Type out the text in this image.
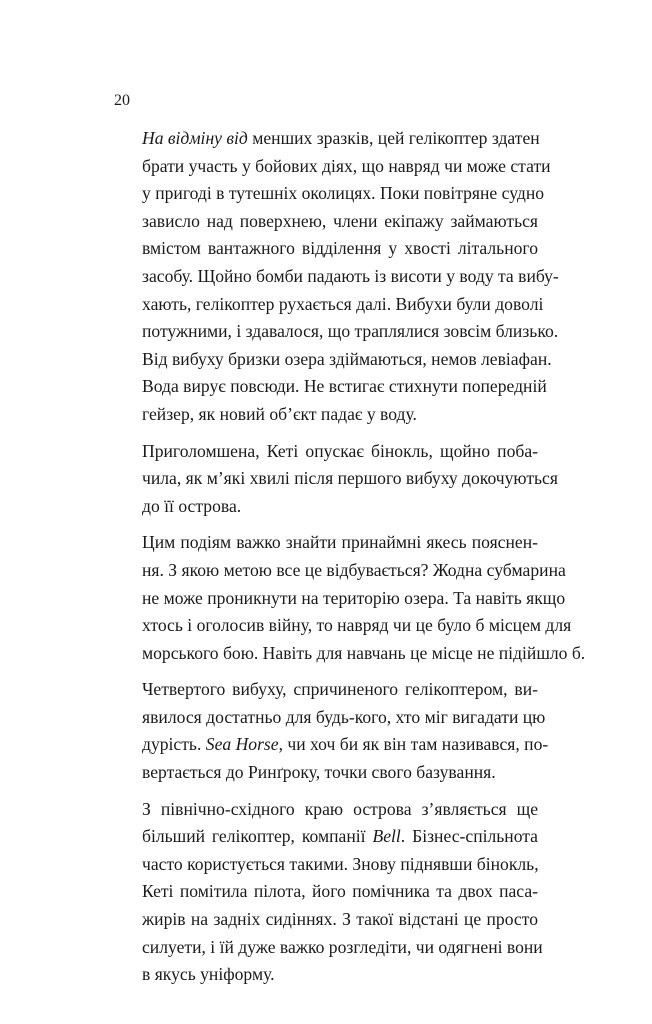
20

На відміну від менших зразків, цей гелікоптер здатен
брати участь у бойових діях, що навряд чи може стати
у пригоді в тутешніх околицях. Поки повітряне судно
зависло над поверхнею, члени екіпажу займаються
вмістом вантажного відділення у хвості літального
засобу. Щойно бомби падають із висоти у воду та вибу-
хають, гелікоптер рухається далі. Вибухи були доволі
потужними, і здавалося, що траплялися зовсім близько.
Від вибуху бризки озера здіймаються, немов левіафан.
Вода вирує повсюди. Не встигає стихнути попередній
гейзер, як новий об’єкт падає у воду.

Приголомшена, Кеті опускає бінокль, щойно поба-
чила, як м’які хвилі після першого вибуху докочуються
до її острова.

Цим подіям важко знайти принаймні якесь пояснен-
ня. З якою метою все це відбувається? Жодна субмарина
не може проникнути на територію озера. Та навіть якщо
хтось і оголосив війну, то навряд чи це було б місцем для
морського бою. Навіть для навчань це місце не підійшло б.

Четвертого вибуху, спричиненого гелікоптером, ви-
явилося достатньо для будь-кого, хто міг вигадати цю
дурість. Sea Horse, чи хоч би як він там називався, по-
вертається до Ринґроку, точки свого базування.

З північно-східного краю острова з’являється ще
більший гелікоптер, компанії Bell. Бізнес-спільнота
часто користується такими. Знову піднявши бінокль,
Кеті помітила пілота, його помічника та двох паса-
жирів на задніх сидіннях. З такої відстані це просто
силуети, і їй дуже важко розгледіти, чи одягнені вони
в якусь уніформу.
